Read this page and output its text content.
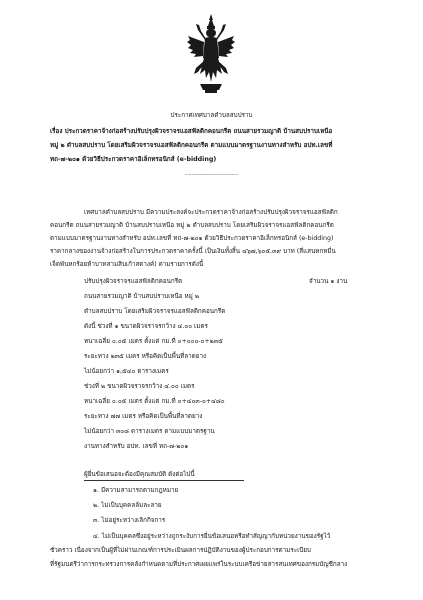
ประกาศเทศบาลตำบลสบปราบ
เรื่อง ประกวดราคาจ้างก่อสร้างปรับปรุงผิวจราจรแอสฟัลติกคอนกรีต ถนนสายรวมญาติ บ้านสบปราบเหนือ
หมู่ ๒ ตำบลสบปราบ โดยเสริมผิวจราจรแอสฟัลติกคอนกรีต ตามแบบมาตรฐานงานทางสำหรับ อปท.เลขที่
ทถ-๗-๒๐๑ ด้วยวิธีประกวดราคาอิเล็กทรอนิกส์ (e-bidding)
-------------------------
เทศบาลตำบลสบปราบ มีความประสงค์จะประกวดราคาจ้างก่อสร้างปรับปรุงผิวจราจรแอสฟัลติก
คอนกรีต ถนนสายรวมญาติ บ้านสบปราบเหนือ หมู่ ๒ ตำบลสบปราบ โดยเสริมผิวจราจรแอสฟัลติกคอนกรีต
ตามแบบมาตรฐานงานทางสำหรับ อปท.เลขที่ ทถ-๗-๒๐๑ ด้วยวิธีประกวดราคาอิเล็กทรอนิกส์ (e-bidding)
ราคากลางของงานจ้างก่อสร้างในการประกวดราคาครั้งนี้ เป็นเงินทั้งสิ้น ๔๖๗,๖๐๕.๓๙ บาท (สี่แสนหกหมื่น
เจ็ดพันหกร้อยห้าบาทสามสิบเก้าสตางค์) ตามรายการดังนี้
ปรับปรุงผิวจราจรแอสฟัลติกคอนกรีต	จำนวน ๑ งาน
ถนนสายรวมญาติ บ้านสบปราบเหนือ หมู่ ๒
ตำบลสบปราบ โดยเสริมผิวจราจรแอสฟัลติกคอนกรีต
ดังนี้ ช่วงที่ ๑ ขนาดผิวจราจรกว้าง ๔.๐๐ เมตร
หนาเฉลี่ย ๐.๐๕ เมตร ตั้งแต่ กม.ที่ ๐+๐๐๐-๐+๒๓๕
ระยะทาง ๒๓๕ เมตร หรือคิดเป็นพื้นที่ลาดยาง
ไม่น้อยกว่า ๑,๕๔๐ ตารางเมตร
ช่วงที่ ๒ ขนาดผิวจราจรกว้าง ๔.๐๐ เมตร
หนาเฉลี่ย ๐.๐๕ เมตร ตั้งแต่ กม.ที่ ๐+๔๐๓-๐+๔๘๐
ระยะทาง ๗๗ เมตร หรือคิดเป็นพื้นที่ลาดยาง
ไม่น้อยกว่า ๓๐๘ ตารางเมตร ตามแบบมาตรฐาน
งานทางสำหรับ อปท. เลขที่ ทถ-๗-๒๐๑
ผู้ยื่นข้อเสนอจะต้องมีคุณสมบัติ ดังต่อไปนี้
๑. มีความสามารถตามกฎหมาย
๒. ไม่เป็นบุคคลล้มละลาย
๓. ไม่อยู่ระหว่างเลิกกิจการ
๔. ไม่เป็นบุคคลซึ่งอยู่ระหว่างถูกระงับการยื่นข้อเสนอหรือทำสัญญากับหน่วยงานของรัฐไว้
ชั่วคราว เนื่องจากเป็นผู้ที่ไม่ผ่านเกณฑ์การประเมินผลการปฏิบัติงานของผู้ประกอบการตามระเบียบ
ที่รัฐมนตรีว่าการกระทรวงการคลังกำหนดตามที่ประกาศเผยแพร่ในระบบเครือข่ายสารสนเทศของกรมบัญชีกลาง
